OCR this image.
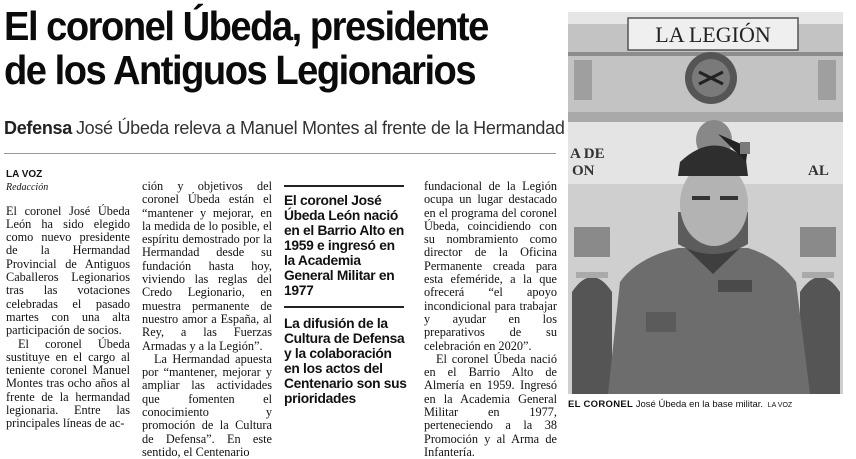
El coronel Úbeda, presidente
de los Antiguos Legionarios
Defensa José Úbeda releva a Manuel Montes al frente de la Hermandad
LA VOZ
Redacción

El coronel José Úbeda León ha sido elegido como nuevo presidente de la Hermandad Provincial de Antiguos Caballeros Legionarios tras las votaciones celebradas el pasado martes con una alta participación de socios.

El coronel Úbeda sustituye en el cargo al teniente coronel Manuel Montes tras ocho años al frente de la hermandad legionaria. Entre las principales líneas de ac-

ción y objetivos del coronel Úbeda están el “mantener y mejorar, en la medida de lo posible, el espíritu demostrado por la Hermandad desde su fundación hasta hoy, viviendo las reglas del Credo Legionario, en muestra permanente de nuestro amor a España, al Rey, a las Fuerzas Armadas y a la Legión”.

La Hermandad apuesta por “mantener, mejorar y ampliar las actividades que fomenten el conocimiento y promoción de la Cultura de Defensa”. En este sentido, el Centenario

El coronel José Úbeda León nació en el Barrio Alto en 1959 e ingresó en la Academia General Militar en 1977
La difusión de la Cultura de Defensa y la colaboración en los actos del Centenario son sus prioridades

fundacional de la Legión ocupa un lugar destacado en el programa del coronel Úbeda, coincidiendo con su nombramiento como director de la Oficina Permanente creada para esta efeméride, a la que ofrecerá “el apoyo incondicional para trabajar y ayudar en los preparativos de su celebración en 2020”.

El coronel Úbeda nació en el Barrio Alto de Almería en 1959. Ingresó en la Academia General Militar en 1977, perteneciendo a la 38 Promoción y al Arma de Infantería.

LA LEGIÓN
A DE
ON	AL
EL CORONEL José Úbeda en la base militar. LA VOZ
